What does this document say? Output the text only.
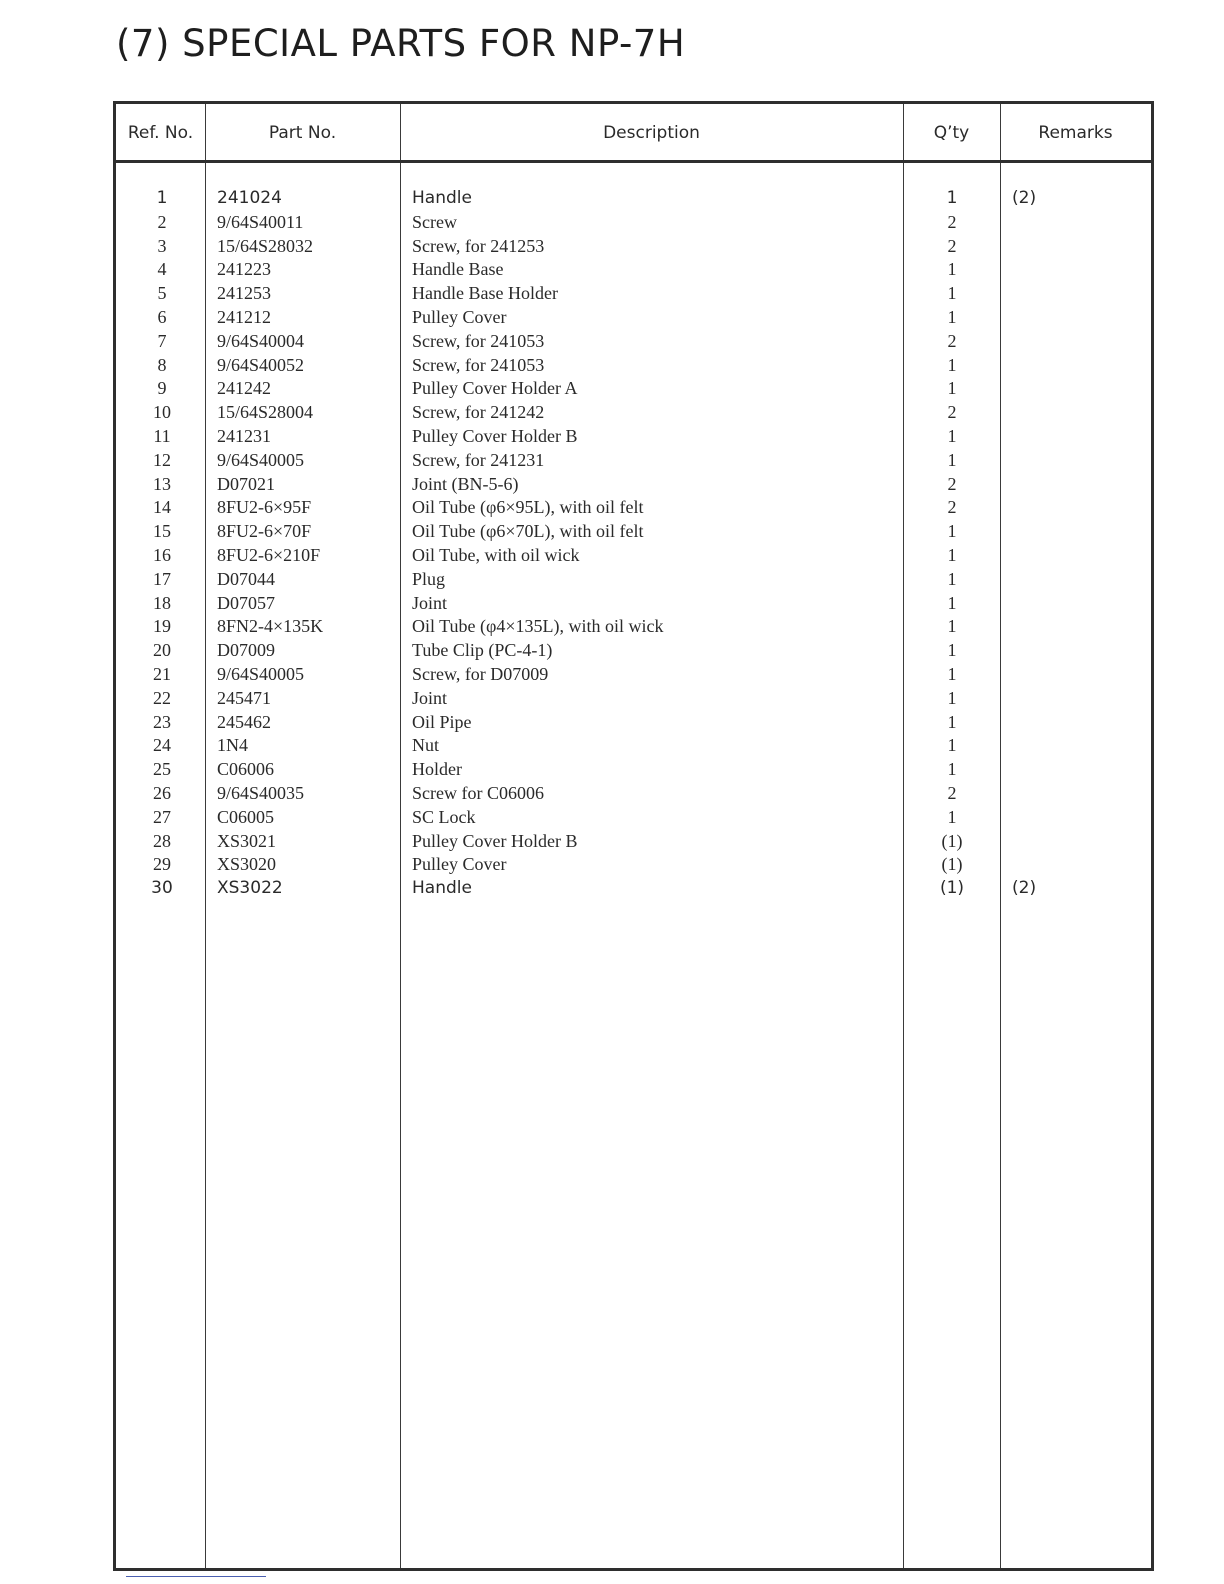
(7) SPECIAL PARTS FOR NP-7H
Ref. No.	Part No.	Description	Q’ty	Remarks
1	241024	Handle	1	(2)
2	9/64S40011	Screw	2
3	15/64S28032	Screw, for 241253	2
4	241223	Handle Base	1
5	241253	Handle Base Holder	1
6	241212	Pulley Cover	1
7	9/64S40004	Screw, for 241053	2
8	9/64S40052	Screw, for 241053	1
9	241242	Pulley Cover Holder A	1
10	15/64S28004	Screw, for 241242	2
11	241231	Pulley Cover Holder B	1
12	9/64S40005	Screw, for 241231	1
13	D07021	Joint (BN-5-6)	2
14	8FU2-6×95F	Oil Tube (φ6×95L), with oil felt	2
15	8FU2-6×70F	Oil Tube (φ6×70L), with oil felt	1
16	8FU2-6×210F	Oil Tube, with oil wick	1
17	D07044	Plug	1
18	D07057	Joint	1
19	8FN2-4×135K	Oil Tube (φ4×135L), with oil wick	1
20	D07009	Tube Clip (PC-4-1)	1
21	9/64S40005	Screw, for D07009	1
22	245471	Joint	1
23	245462	Oil Pipe	1
24	1N4	Nut	1
25	C06006	Holder	1
26	9/64S40035	Screw for C06006	2
27	C06005	SC Lock	1
28	XS3021	Pulley Cover Holder B	(1)
29	XS3020	Pulley Cover	(1)
30	XS3022	Handle	(1)	(2)
